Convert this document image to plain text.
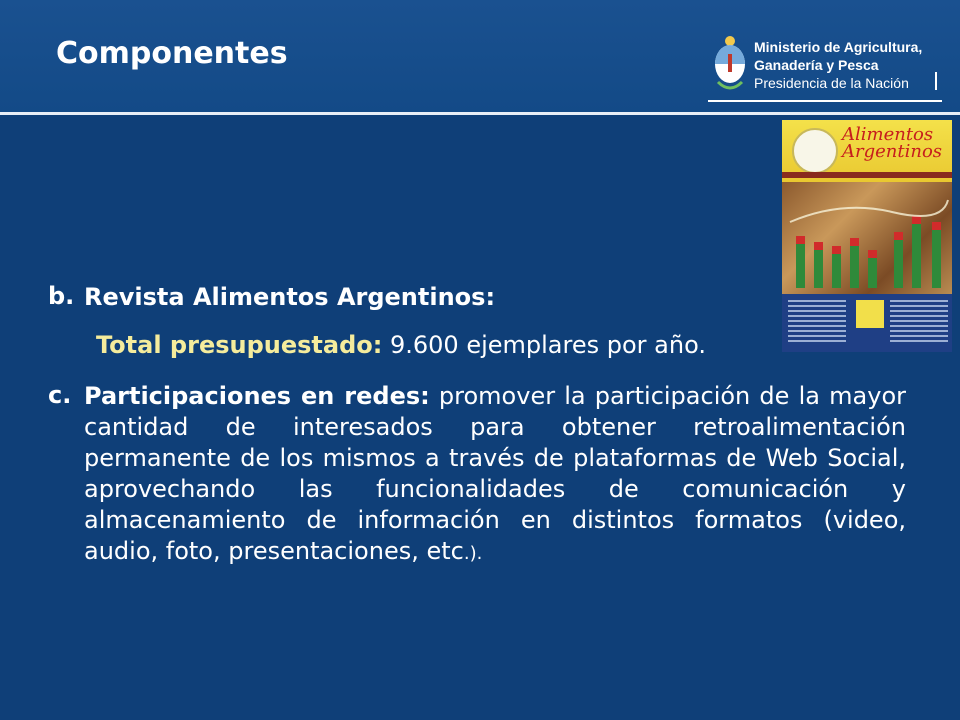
Componentes	Ministerio de Agricultura,
Ganadería y Pesca
Presidencia de la Nación
Alimentos
Argentinos
b. Revista Alimentos Argentinos:
Total presupuestado: 9.600 ejemplares por año.
c. Participaciones en redes: promover la participación de la mayor cantidad de interesados para obtener retroalimentación permanente de los mismos a través de plataformas de Web Social, aprovechando las funcionalidades de comunicación y almacenamiento de información en distintos formatos (video, audio, foto, presentaciones, etc.).
